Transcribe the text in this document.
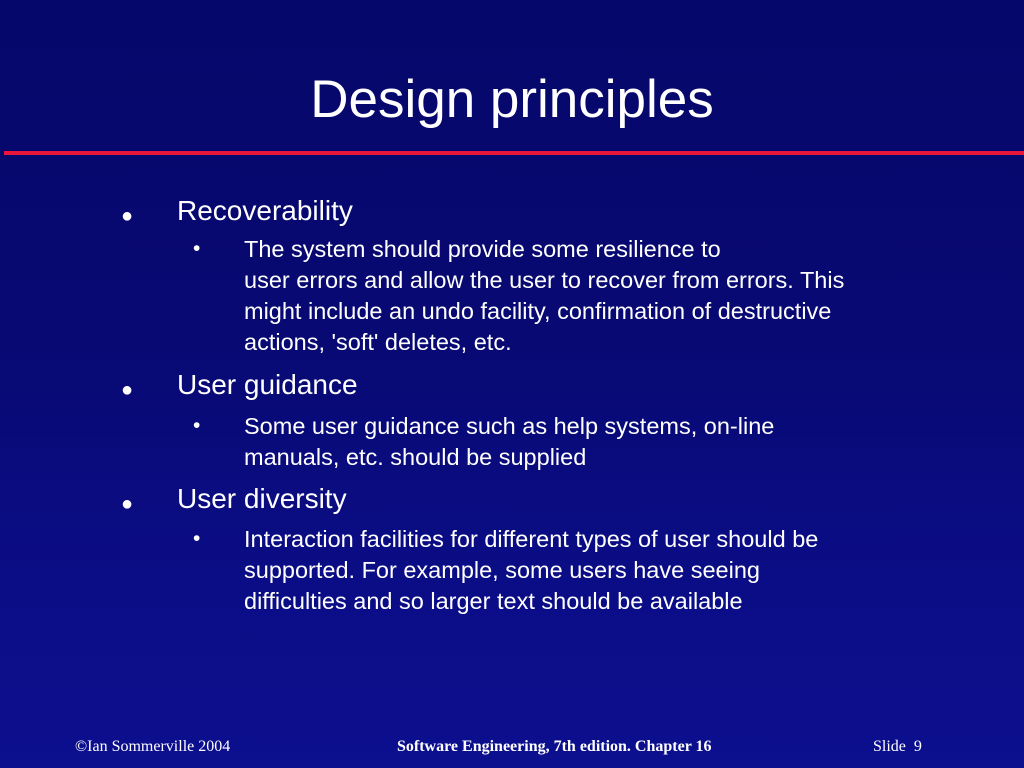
Design principles
● Recoverability
• The system should provide some resilience to
user errors and allow the user to recover from errors. This
might include an undo facility, confirmation of destructive
actions, 'soft' deletes, etc.
● User guidance
• Some user guidance such as help systems, on-line
manuals, etc. should be supplied
● User diversity
• Interaction facilities for different types of user should be
supported. For example, some users have seeing
difficulties and so larger text should be available
©Ian Sommerville 2004	Software Engineering, 7th edition. Chapter 16	Slide 9
